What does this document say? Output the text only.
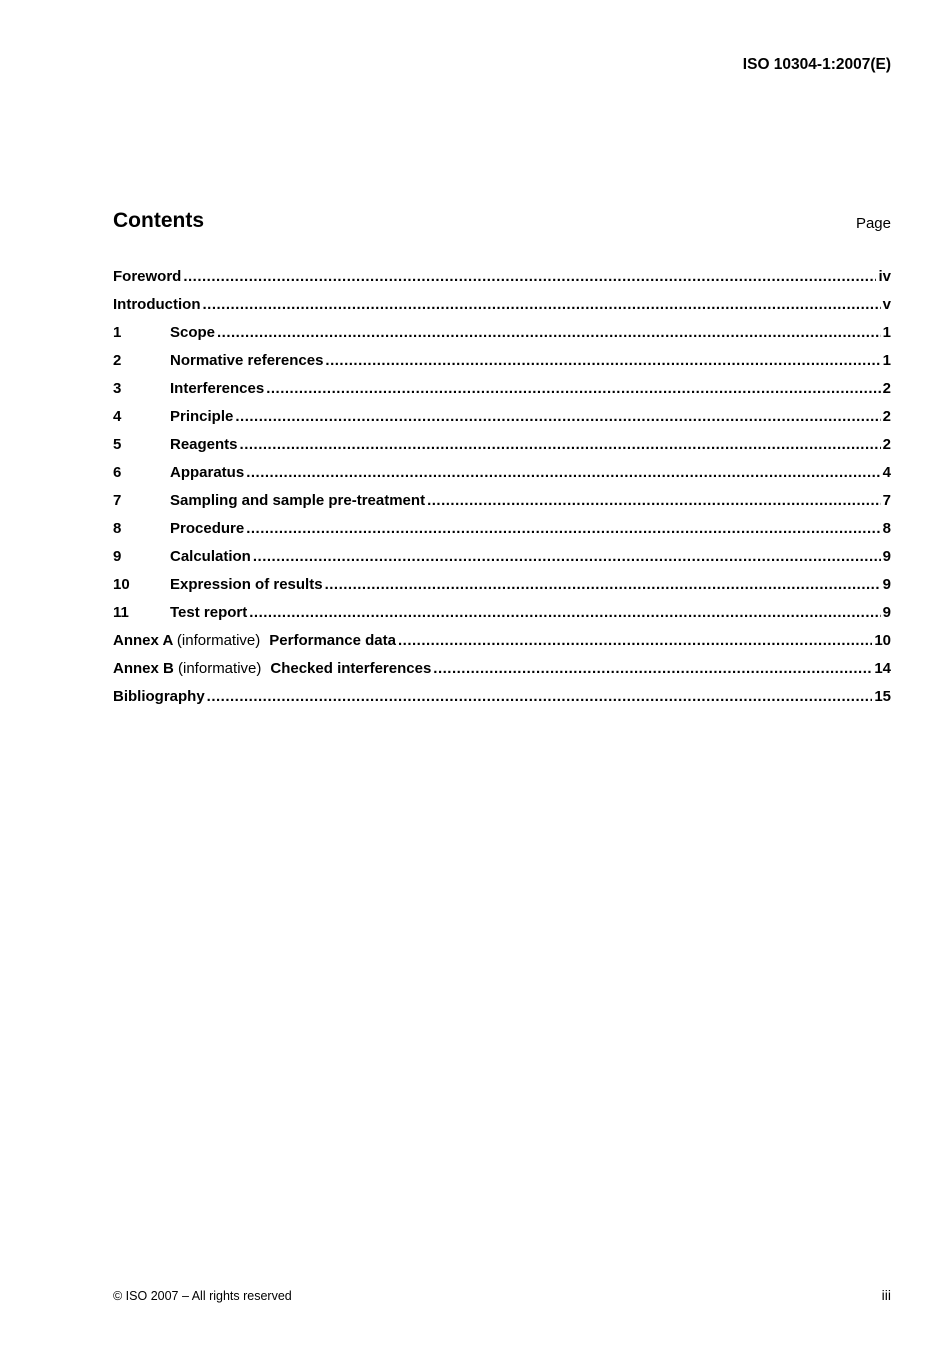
ISO 10304-1:2007(E)
Contents	Page
Foreword .....	iv
Introduction .....	v
1	Scope .....	1
2	Normative references .....	1
3	Interferences .....	2
4	Principle .....	2
5	Reagents .....	2
6	Apparatus .....	4
7	Sampling and sample pre-treatment .....	7
8	Procedure .....	8
9	Calculation .....	9
10	Expression of results .....	9
11	Test report .....	9
Annex A (informative) Performance data .....	10
Annex B (informative) Checked interferences .....	14
Bibliography .....	15
© ISO 2007 – All rights reserved	iii
